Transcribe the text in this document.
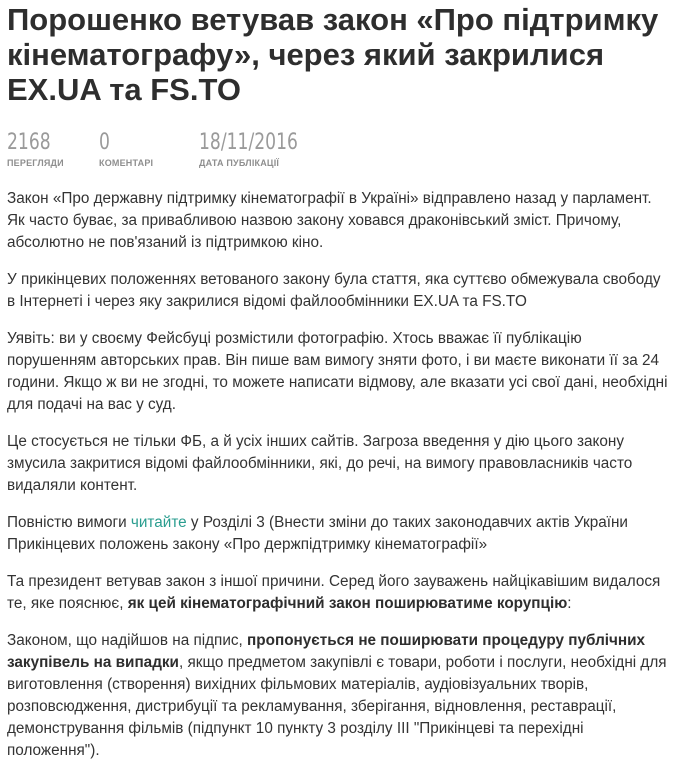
Порошенко ветував закон «Про підтримку кінематографу», через який закрилися EX.UA та FS.TO
2168
ПЕРЕГЛЯДИ
0
КОМЕНТАРІ
18/11/2016
ДАТА ПУБЛІКАЦІЇ

Закон «Про державну підтримку кінематографії в Україні» відправлено назад у парламент. Як часто буває, за привабливою назвою закону ховався драконівський зміст. Причому, абсолютно не пов'язаний із підтримкою кіно.

У прикінцевих положеннях ветованого закону була стаття, яка суттєво обмежувала свободу в Інтернеті і через яку закрилися відомі файлообмінники EX.UA та FS.TO

Уявіть: ви у своєму Фейсбуці розмістили фотографію. Хтось вважає її публікацію порушенням авторських прав. Він пише вам вимогу зняти фото, і ви маєте виконати її за 24 години. Якщо ж ви не згодні, то можете написати відмову, але вказати усі свої дані, необхідні для подачі на вас у суд.

Це стосується не тільки ФБ, а й усіх інших сайтів. Загроза введення у дію цього закону змусила закритися відомі файлообмінники, які, до речі, на вимогу правовласників часто видаляли контент.

Повністю вимоги читайте у Розділі 3 (Внести зміни до таких законодавчих актів України Прикінцевих положень закону «Про держпідтримку кінематографії»

Та президент ветував закон з іншої причини. Серед його зауважень найцікавішим видалося те, яке пояснює, як цей кінематографічний закон поширюватиме корупцію:

Законом, що надійшов на підпис, пропонується не поширювати процедуру публічних закупівель на випадки, якщо предметом закупівлі є товари, роботи і послуги, необхідні для виготовлення (створення) вихідних фільмових матеріалів, аудіовізуальних творів, розповсюдження, дистрибуції та рекламування, зберігання, відновлення, реставрації, демонстрування фільмів (підпункт 10 пункту 3 розділу III "Прикінцеві та перехідні положення").
